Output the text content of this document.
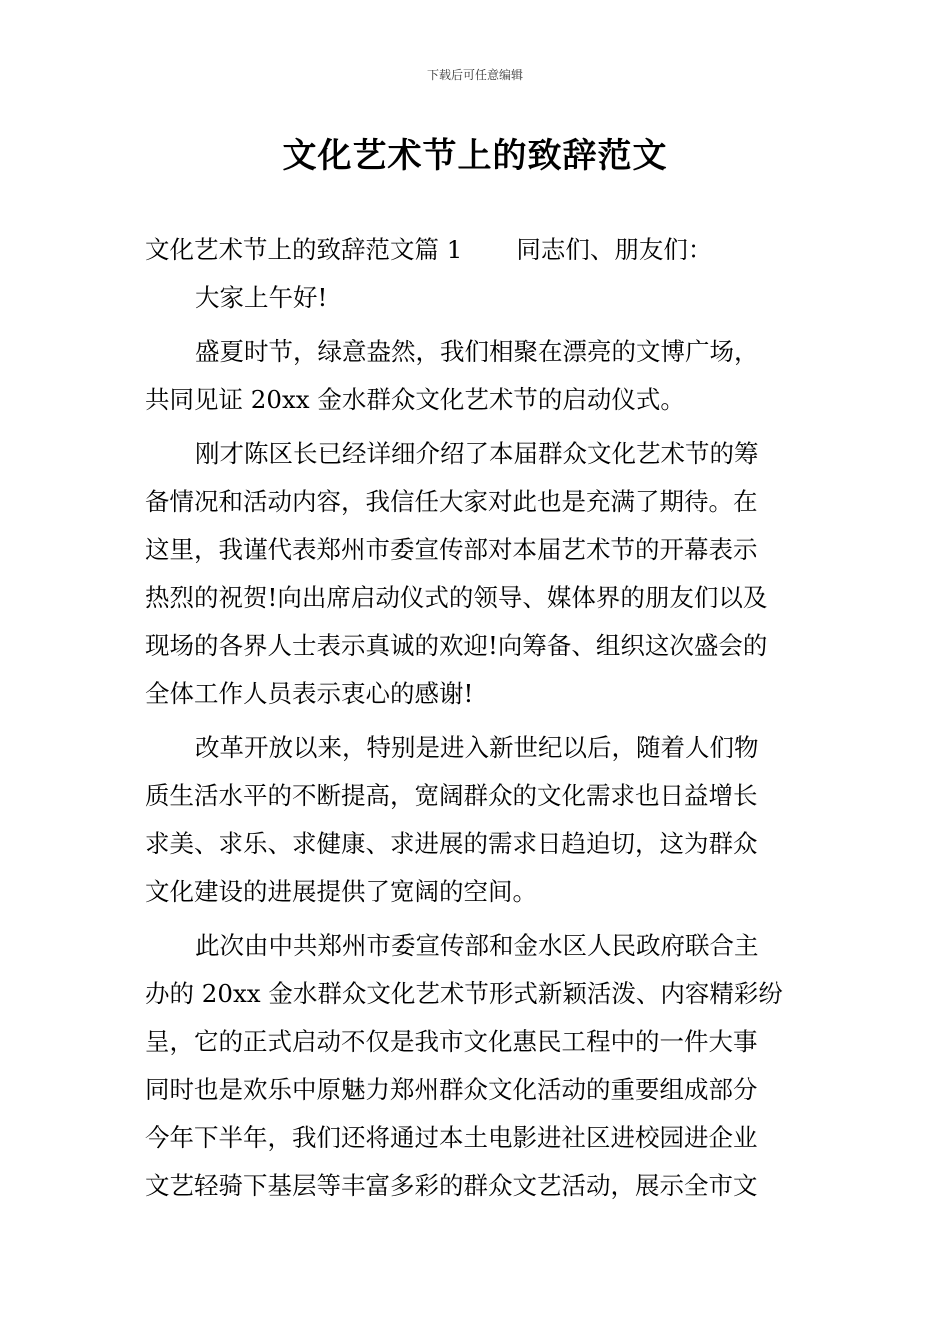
下载后可任意编辑
文化艺术节上的致辞范文
文化艺术节上的致辞范文篇 1 同志们、朋友们：
大家上午好!
盛夏时节，绿意盎然，我们相聚在漂亮的文博广场，
共同见证 20xx 金水群众文化艺术节的启动仪式。
刚才陈区长已经详细介绍了本届群众文化艺术节的筹
备情况和活动内容，我信任大家对此也是充满了期待。在
这里，我谨代表郑州市委宣传部对本届艺术节的开幕表示
热烈的祝贺!向出席启动仪式的领导、媒体界的朋友们以及
现场的各界人士表示真诚的欢迎!向筹备、组织这次盛会的
全体工作人员表示衷心的感谢!
改革开放以来，特别是进入新世纪以后，随着人们物
质生活水平的不断提高，宽阔群众的文化需求也日益增长
求美、求乐、求健康、求进展的需求日趋迫切，这为群众
文化建设的进展提供了宽阔的空间。
此次由中共郑州市委宣传部和金水区人民政府联合主
办的 20xx 金水群众文化艺术节形式新颖活泼、内容精彩纷
呈，它的正式启动不仅是我市文化惠民工程中的一件大事
同时也是欢乐中原魅力郑州群众文化活动的重要组成部分
今年下半年，我们还将通过本土电影进社区进校园进企业
文艺轻骑下基层等丰富多彩的群众文艺活动，展示全市文
